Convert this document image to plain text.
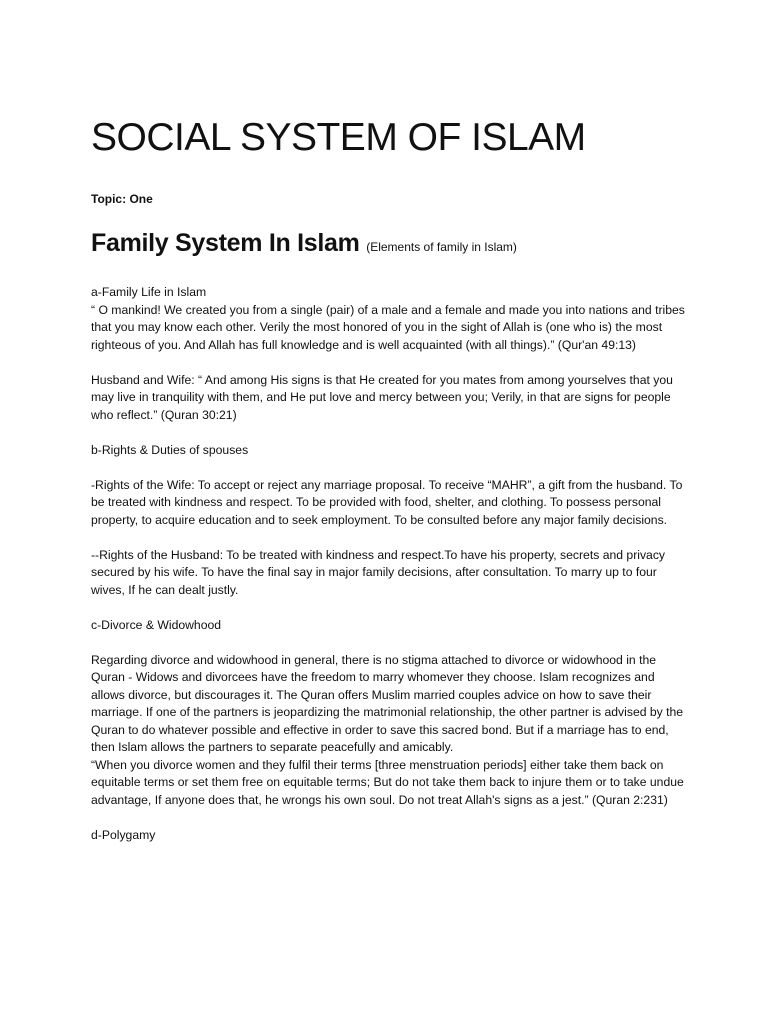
SOCIAL SYSTEM OF ISLAM

Topic: One

Family System In Islam (Elements of family in Islam)

a-Family Life in Islam

“ O mankind! We created you from a single (pair) of a male and a female and made you into nations and tribes that you may know each other. Verily the most honored of you in the sight of Allah is (one who is) the most righteous of you. And Allah has full knowledge and is well acquainted (with all things).” (Qur'an 49:13)

Husband and Wife: “ And among His signs is that He created for you mates from among yourselves that you may live in tranquility with them, and He put love and mercy between you; Verily, in that are signs for people who reflect.” (Quran 30:21)

b-Rights & Duties of spouses

-Rights of the Wife: To accept or reject any marriage proposal. To receive “MAHR”, a gift from the husband. To be treated with kindness and respect. To be provided with food, shelter, and clothing. To possess personal property, to acquire education and to seek employment. To be consulted before any major family decisions.

--Rights of the Husband: To be treated with kindness and respect.To have his property, secrets and privacy secured by his wife. To have the final say in major family decisions, after consultation. To marry up to four wives, If he can dealt justly.

c-Divorce & Widowhood

Regarding divorce and widowhood in general, there is no stigma attached to divorce or widowhood in the Quran - Widows and divorcees have the freedom to marry whomever they choose. Islam recognizes and allows divorce, but discourages it. The Quran offers Muslim married couples advice on how to save their marriage. If one of the partners is jeopardizing the matrimonial relationship, the other partner is advised by the Quran to do whatever possible and effective in order to save this sacred bond. But if a marriage has to end, then Islam allows the partners to separate peacefully and amicably.

“When you divorce women and they fulfil their terms [three menstruation periods] either take them back on equitable terms or set them free on equitable terms; But do not take them back to injure them or to take undue advantage, If anyone does that, he wrongs his own soul. Do not treat Allah's signs as a jest.” (Quran 2:231)

d-Polygamy
